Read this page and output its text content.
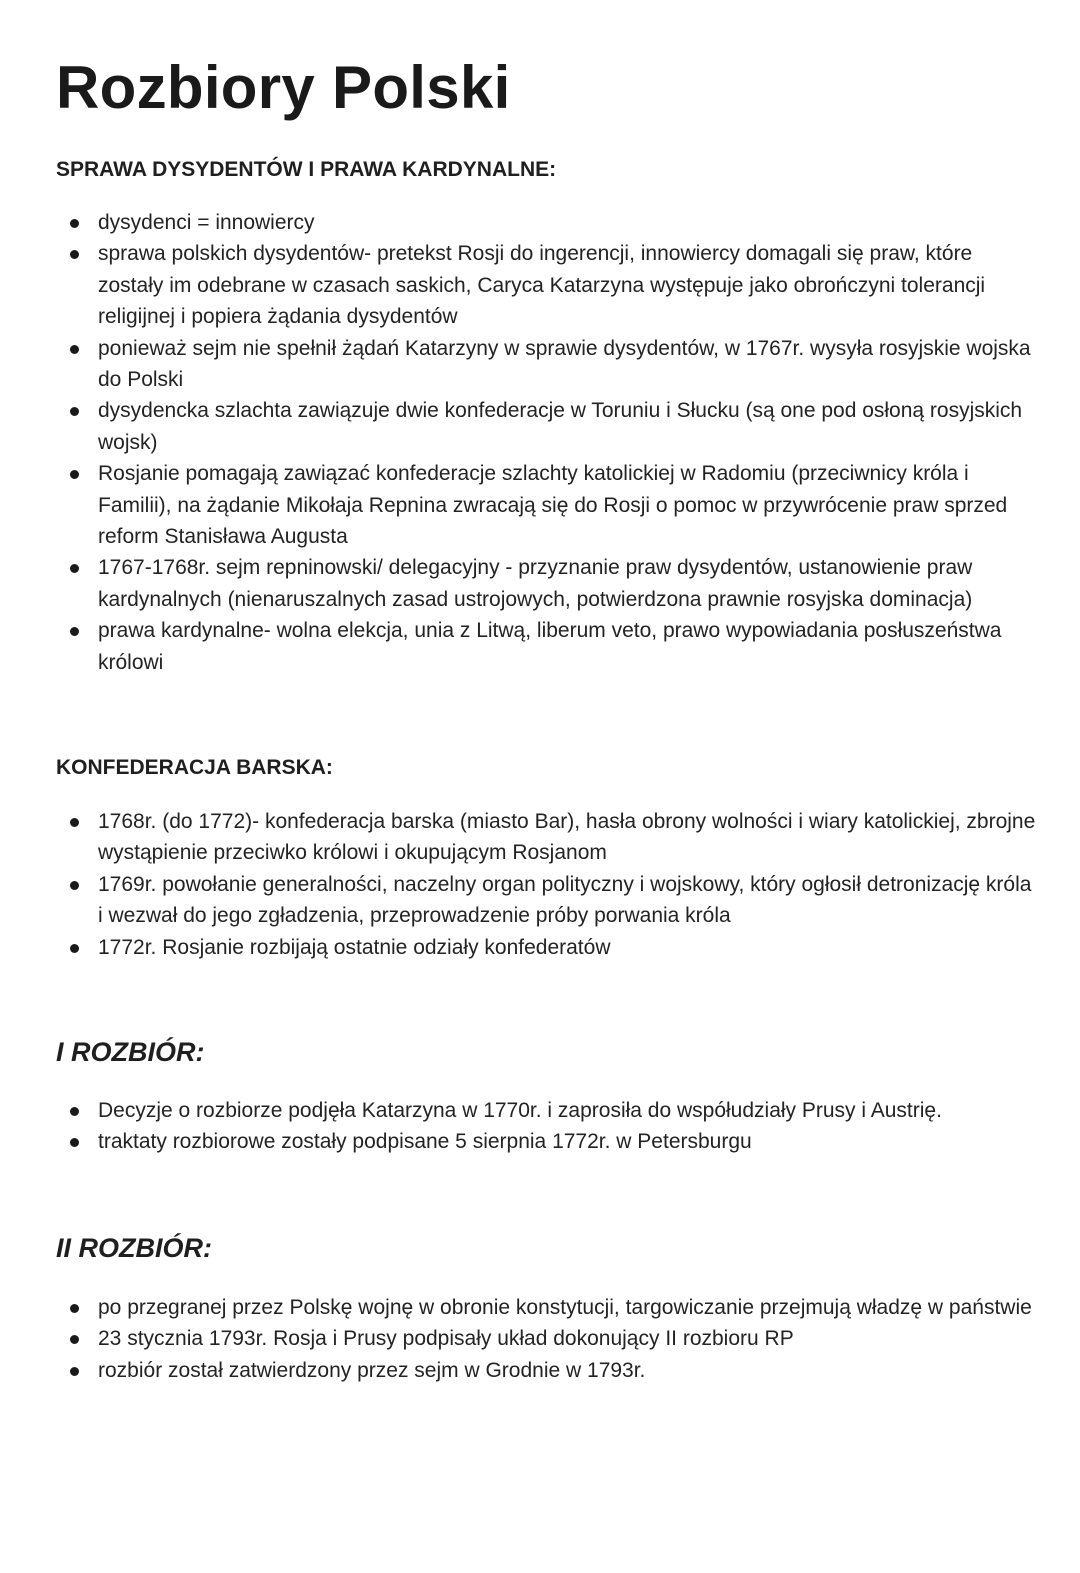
Rozbiory Polski
SPRAWA DYSYDENTÓW I PRAWA KARDYNALNE:
dysydenci = innowiercy
sprawa polskich dysydentów- pretekst Rosji do ingerencji, innowiercy domagali się praw, które zostały im odebrane w czasach saskich, Caryca Katarzyna występuje jako obrończyni tolerancji religijnej i popiera żądania dysydentów
ponieważ sejm nie spełnił żądań Katarzyny w sprawie dysydentów, w 1767r. wysyła rosyjskie wojska do Polski
dysydencka szlachta zawiązuje dwie konfederacje w Toruniu i Słucku (są one pod osłoną rosyjskich wojsk)
Rosjanie pomagają zawiązać konfederacje szlachty katolickiej w Radomiu (przeciwnicy króla i Familii), na żądanie Mikołaja Repnina zwracają się do Rosji o pomoc w przywrócenie praw sprzed reform Stanisława Augusta
1767-1768r. sejm repninowski/ delegacyjny - przyznanie praw dysydentów, ustanowienie praw kardynalnych (nienaruszalnych zasad ustrojowych, potwierdzona prawnie rosyjska dominacja)
prawa kardynalne- wolna elekcja, unia z Litwą, liberum veto, prawo wypowiadania posłuszeństwa królowi
KONFEDERACJA BARSKA:
1768r. (do 1772)- konfederacja barska (miasto Bar), hasła obrony wolności i wiary katolickiej, zbrojne wystąpienie przeciwko królowi i okupującym Rosjanom
1769r. powołanie generalności, naczelny organ polityczny i wojskowy, który ogłosił detronizację króla i wezwał do jego zgładzenia, przeprowadzenie próby porwania króla
1772r. Rosjanie rozbijają ostatnie odziały konfederatów
I ROZBIÓR:
Decyzje o rozbiorze podjęła Katarzyna w 1770r. i zaprosiła do współudziały Prusy i Austrię.
traktaty rozbiorowe zostały podpisane 5 sierpnia 1772r. w Petersburgu
II ROZBIÓR:
po przegranej przez Polskę wojnę w obronie konstytucji, targowiczanie przejmują władzę w państwie
23 stycznia 1793r. Rosja i Prusy podpisały układ dokonujący II rozbioru RP
rozbiór został zatwierdzony przez sejm w Grodnie w 1793r.
